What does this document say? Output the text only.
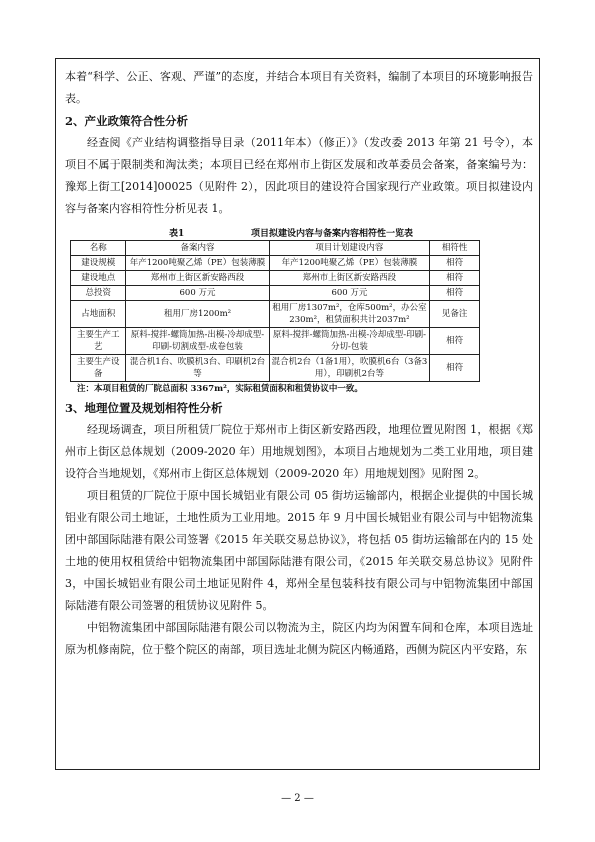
本着“科学、公正、客观、严谨”的态度，并结合本项目有关资料，编制了本项目的环境影响报告表。

2、产业政策符合性分析

经查阅《产业结构调整指导目录（2011年本）（修正）》（发改委 2013 年第 21 号令），本项目不属于限制类和淘汰类；本项目已经在郑州市上街区发展和改革委员会备案，备案编号为：豫郑上街工[2014]00025（见附件 2），因此项目的建设符合国家现行产业政策。项目拟建设内容与备案内容相符性分析见表 1。

表1	项目拟建设内容与备案内容相符性一览表
名称	备案内容	项目计划建设内容	相符性
建设规模	年产1200吨聚乙烯（PE）包装薄膜	年产1200吨聚乙烯（PE）包装薄膜	相符
建设地点	郑州市上街区新安路西段	郑州市上街区新安路西段	相符
总投资	600 万元	600 万元	相符
占地面积	租用厂房1200m²	租用厂房1307m²，仓库500m²，办公室230m²，租赁面积共计2037m²	见备注
主要生产工艺	原料-搅拌-螺筒加热-出模-冷却成型-印刷-切割成型-成卷包装	原料-搅拌-螺筒加热-出模-冷却成型-印刷-分切-包装	相符
主要生产设备	混合机1台、吹膜机3台、印刷机2台等	混合机2台（1备1用），吹膜机6台（3备3用），印刷机2台等	相符
注：本项目租赁的厂院总面积 3367m²，实际租赁面积和租赁协议中一致。

3、地理位置及规划相符性分析

经现场调查，项目所租赁厂院位于郑州市上街区新安路西段，地理位置见附图 1，根据《郑州市上街区总体规划（2009-2020 年）用地规划图》，本项目占地规划为二类工业用地，项目建设符合当地规划，《郑州市上街区总体规划（2009-2020 年）用地规划图》见附图 2。

项目租赁的厂院位于原中国长城铝业有限公司 05 街坊运输部内，根据企业提供的中国长城铝业有限公司土地证，土地性质为工业用地。2015 年 9 月中国长城铝业有限公司与中铝物流集团中部国际陆港有限公司签署《2015 年关联交易总协议》，将包括 05 街坊运输部在内的 15 处土地的使用权租赁给中铝物流集团中部国际陆港有限公司，《2015 年关联交易总协议》见附件 3，中国长城铝业有限公司土地证见附件 4，郑州全星包装科技有限公司与中铝物流集团中部国际陆港有限公司签署的租赁协议见附件 5。

中铝物流集团中部国际陆港有限公司以物流为主，院区内均为闲置车间和仓库，本项目选址原为机修南院，位于整个院区的南部，项目选址北侧为院区内畅通路，西侧为院区内平安路，东

— 2 —
